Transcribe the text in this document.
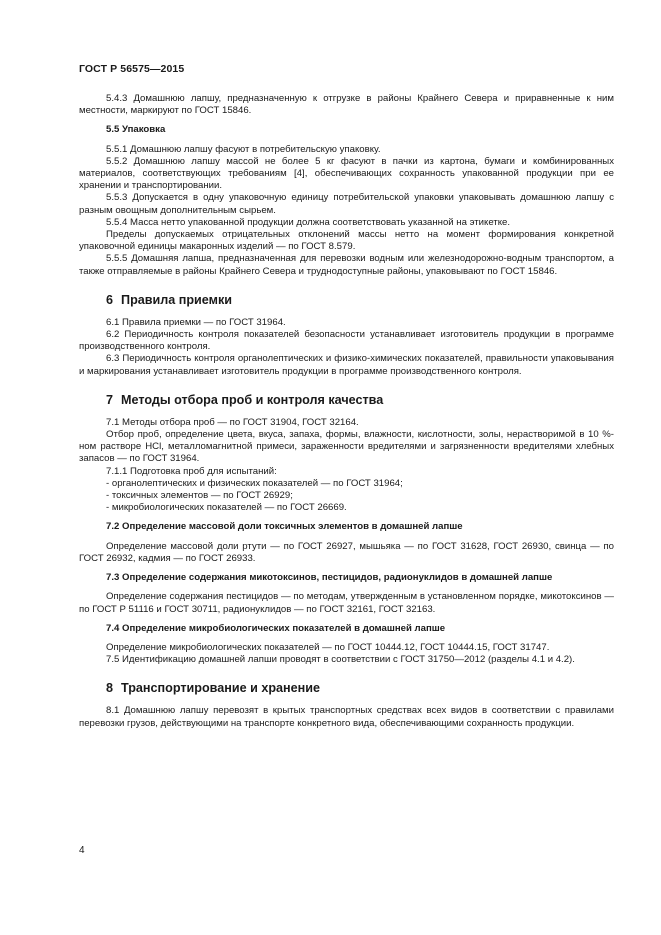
ГОСТ Р 56575—2015

5.4.3 Домашнюю лапшу, предназначенную к отгрузке в районы Крайнего Севера и приравненные к ним местности, маркируют по ГОСТ 15846.

5.5 Упаковка

5.5.1 Домашнюю лапшу фасуют в потребительскую упаковку.

5.5.2 Домашнюю лапшу массой не более 5 кг фасуют в пачки из картона, бумаги и комбинированных материалов, соответствующих требованиям [4], обеспечивающих сохранность упакованной продукции при ее хранении и транспортировании.

5.5.3 Допускается в одну упаковочную единицу потребительской упаковки упаковывать домашнюю лапшу с разным овощным дополнительным сырьем.

5.5.4 Масса нетто упакованной продукции должна соответствовать указанной на этикетке.

Пределы допускаемых отрицательных отклонений массы нетто на момент формирования конкретной упаковочной единицы макаронных изделий — по ГОСТ 8.579.

5.5.5 Домашняя лапша, предназначенная для перевозки водным или железнодорожно-водным транспортом, а также отправляемые в районы Крайнего Севера и труднодоступные районы, упаковывают по ГОСТ 15846.

6 Правила приемки

6.1 Правила приемки — по ГОСТ 31964.

6.2 Периодичность контроля показателей безопасности устанавливает изготовитель продукции в программе производственного контроля.

6.3 Периодичность контроля органолептических и физико-химических показателей, правильности упаковывания и маркирования устанавливает изготовитель продукции в программе производственного контроля.

7 Методы отбора проб и контроля качества

7.1 Методы отбора проб — по ГОСТ 31904, ГОСТ 32164.

Отбор проб, определение цвета, вкуса, запаха, формы, влажности, кислотности, золы, нерастворимой в 10 %-ном растворе HCl, металломагнитной примеси, зараженности вредителями и загрязненности вредителями хлебных запасов — по ГОСТ 31964.

7.1.1 Подготовка проб для испытаний:

- органолептических и физических показателей — по ГОСТ 31964;

- токсичных элементов — по ГОСТ 26929;

- микробиологических показателей — по ГОСТ 26669.

7.2 Определение массовой доли токсичных элементов в домашней лапше

Определение массовой доли ртути — по ГОСТ 26927, мышьяка — по ГОСТ 31628, ГОСТ 26930, свинца — по ГОСТ 26932, кадмия — по ГОСТ 26933.

7.3 Определение содержания микотоксинов, пестицидов, радионуклидов в домашней лапше

Определение содержания пестицидов — по методам, утвержденным в установленном порядке, микотоксинов — по ГОСТ Р 51116 и ГОСТ 30711, радионуклидов — по ГОСТ 32161, ГОСТ 32163.

7.4 Определение микробиологических показателей в домашней лапше

Определение микробиологических показателей — по ГОСТ 10444.12, ГОСТ 10444.15, ГОСТ 31747.

7.5 Идентификацию домашней лапши проводят в соответствии с ГОСТ 31750—2012 (разделы 4.1 и 4.2).

8 Транспортирование и хранение

8.1 Домашнюю лапшу перевозят в крытых транспортных средствах всех видов в соответствии с правилами перевозки грузов, действующими на транспорте конкретного вида, обеспечивающими сохранность продукции.

4
